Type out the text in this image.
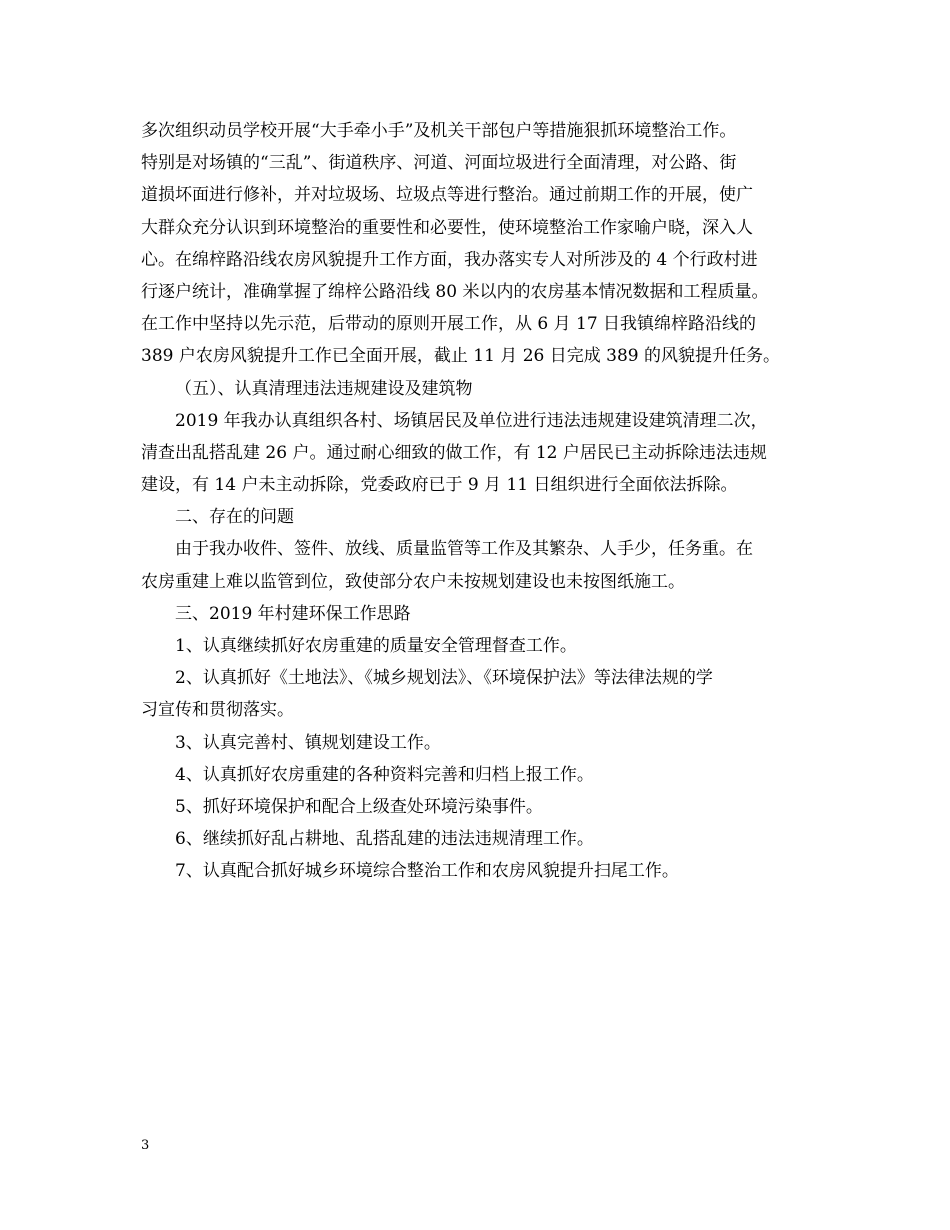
多次组织动员学校开展“大手牵小手”及机关干部包户等措施狠抓环境整治工作。
特别是对场镇的“三乱”、街道秩序、河道、河面垃圾进行全面清理，对公路、街
道损坏面进行修补，并对垃圾场、垃圾点等进行整治。通过前期工作的开展，使广
大群众充分认识到环境整治的重要性和必要性，使环境整治工作家喻户晓，深入人
心。在绵梓路沿线农房风貌提升工作方面，我办落实专人对所涉及的 4 个行政村进
行逐户统计，准确掌握了绵梓公路沿线 80 米以内的农房基本情况数据和工程质量。
在工作中坚持以先示范，后带动的原则开展工作，从 6 月 17 日我镇绵梓路沿线的
389 户农房风貌提升工作已全面开展，截止 11 月 26 日完成 389 的风貌提升任务。
（五）、认真清理违法违规建设及建筑物
2019 年我办认真组织各村、场镇居民及单位进行违法违规建设建筑清理二次，
清查出乱搭乱建 26 户。通过耐心细致的做工作，有 12 户居民已主动拆除违法违规
建设，有 14 户未主动拆除，党委政府已于 9 月 11 日组织进行全面依法拆除。
二、存在的问题
由于我办收件、签件、放线、质量监管等工作及其繁杂、人手少，任务重。在
农房重建上难以监管到位，致使部分农户未按规划建设也未按图纸施工。
三、2019 年村建环保工作思路
1、认真继续抓好农房重建的质量安全管理督查工作。
2、认真抓好《土地法》、《城乡规划法》、《环境保护法》等法律法规的学
习宣传和贯彻落实。
3、认真完善村、镇规划建设工作。
4、认真抓好农房重建的各种资料完善和归档上报工作。
5、抓好环境保护和配合上级查处环境污染事件。
6、继续抓好乱占耕地、乱搭乱建的违法违规清理工作。
7、认真配合抓好城乡环境综合整治工作和农房风貌提升扫尾工作。
3
